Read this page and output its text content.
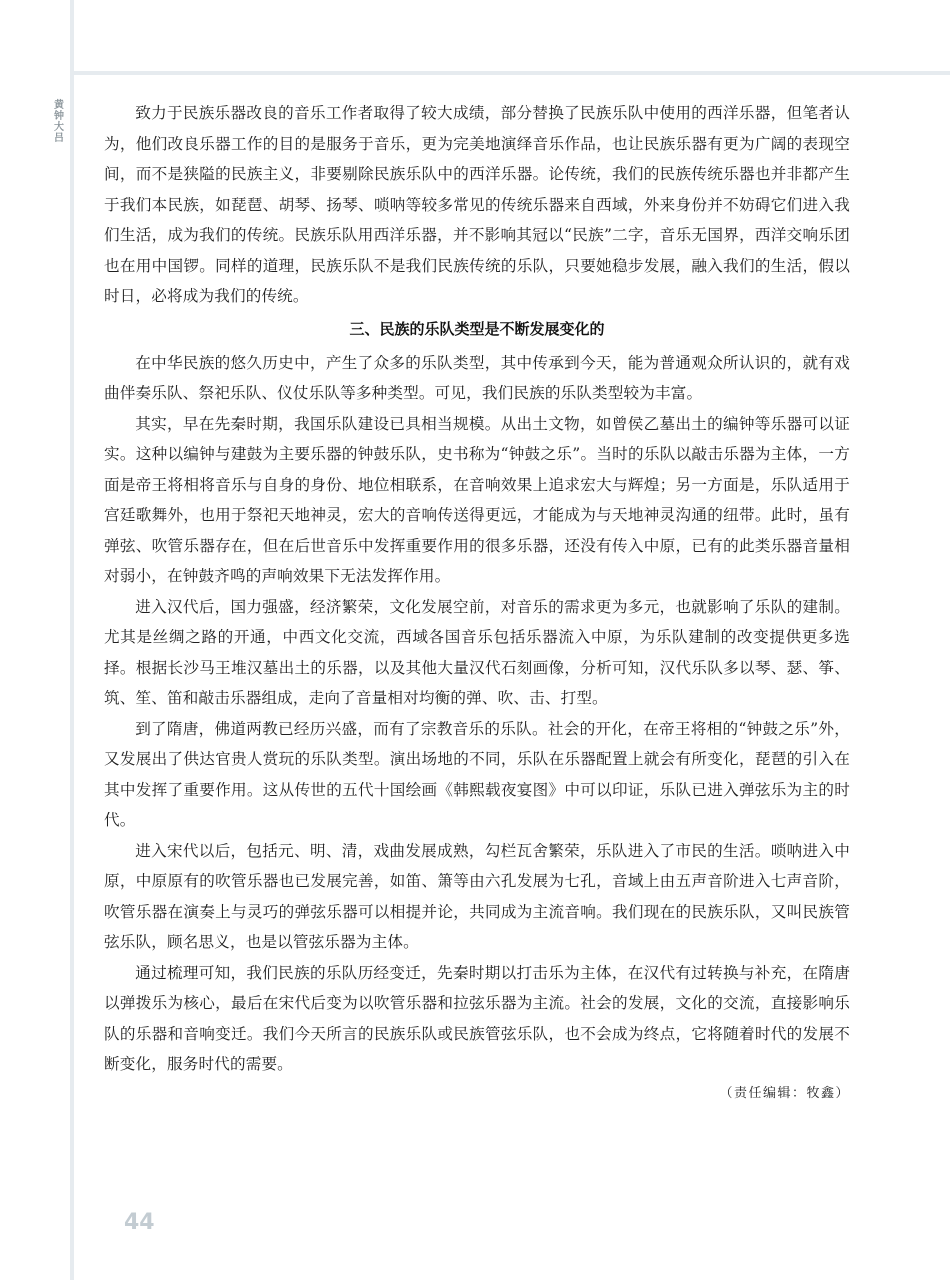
黄钟大吕

致力于民族乐器改良的音乐工作者取得了较大成绩，部分替换了民族乐队中使用的西洋乐器，但笔者认为，他们改良乐器工作的目的是服务于音乐，更为完美地演绎音乐作品，也让民族乐器有更为广阔的表现空间，而不是狭隘的民族主义，非要剔除民族乐队中的西洋乐器。论传统，我们的民族传统乐器也并非都产生于我们本民族，如琵琶、胡琴、扬琴、唢呐等较多常见的传统乐器来自西域，外来身份并不妨碍它们进入我们生活，成为我们的传统。民族乐队用西洋乐器，并不影响其冠以“民族”二字，音乐无国界，西洋交响乐团也在用中国锣。同样的道理，民族乐队不是我们民族传统的乐队，只要她稳步发展，融入我们的生活，假以时日，必将成为我们的传统。

三、民族的乐队类型是不断发展变化的

在中华民族的悠久历史中，产生了众多的乐队类型，其中传承到今天，能为普通观众所认识的，就有戏曲伴奏乐队、祭祀乐队、仪仗乐队等多种类型。可见，我们民族的乐队类型较为丰富。

其实，早在先秦时期，我国乐队建设已具相当规模。从出土文物，如曾侯乙墓出土的编钟等乐器可以证实。这种以编钟与建鼓为主要乐器的钟鼓乐队，史书称为“钟鼓之乐”。当时的乐队以敲击乐器为主体，一方面是帝王将相将音乐与自身的身份、地位相联系，在音响效果上追求宏大与辉煌；另一方面是，乐队适用于宫廷歌舞外，也用于祭祀天地神灵，宏大的音响传送得更远，才能成为与天地神灵沟通的纽带。此时，虽有弹弦、吹管乐器存在，但在后世音乐中发挥重要作用的很多乐器，还没有传入中原，已有的此类乐器音量相对弱小，在钟鼓齐鸣的声响效果下无法发挥作用。

进入汉代后，国力强盛，经济繁荣，文化发展空前，对音乐的需求更为多元，也就影响了乐队的建制。尤其是丝绸之路的开通，中西文化交流，西域各国音乐包括乐器流入中原，为乐队建制的改变提供更多选择。根据长沙马王堆汉墓出土的乐器，以及其他大量汉代石刻画像，分析可知，汉代乐队多以琴、瑟、筝、筑、笙、笛和敲击乐器组成，走向了音量相对均衡的弹、吹、击、打型。

到了隋唐，佛道两教已经历兴盛，而有了宗教音乐的乐队。社会的开化，在帝王将相的“钟鼓之乐”外，又发展出了供达官贵人赏玩的乐队类型。演出场地的不同，乐队在乐器配置上就会有所变化，琵琶的引入在其中发挥了重要作用。这从传世的五代十国绘画《韩熙载夜宴图》中可以印证，乐队已进入弹弦乐为主的时代。

进入宋代以后，包括元、明、清，戏曲发展成熟，勾栏瓦舍繁荣，乐队进入了市民的生活。唢呐进入中原，中原原有的吹管乐器也已发展完善，如笛、箫等由六孔发展为七孔，音域上由五声音阶进入七声音阶，吹管乐器在演奏上与灵巧的弹弦乐器可以相提并论，共同成为主流音响。我们现在的民族乐队，又叫民族管弦乐队，顾名思义，也是以管弦乐器为主体。

通过梳理可知，我们民族的乐队历经变迁，先秦时期以打击乐为主体，在汉代有过转换与补充，在隋唐以弹拨乐为核心，最后在宋代后变为以吹管乐器和拉弦乐器为主流。社会的发展，文化的交流，直接影响乐队的乐器和音响变迁。我们今天所言的民族乐队或民族管弦乐队，也不会成为终点，它将随着时代的发展不断变化，服务时代的需要。

（责任编辑：牧鑫）

44
